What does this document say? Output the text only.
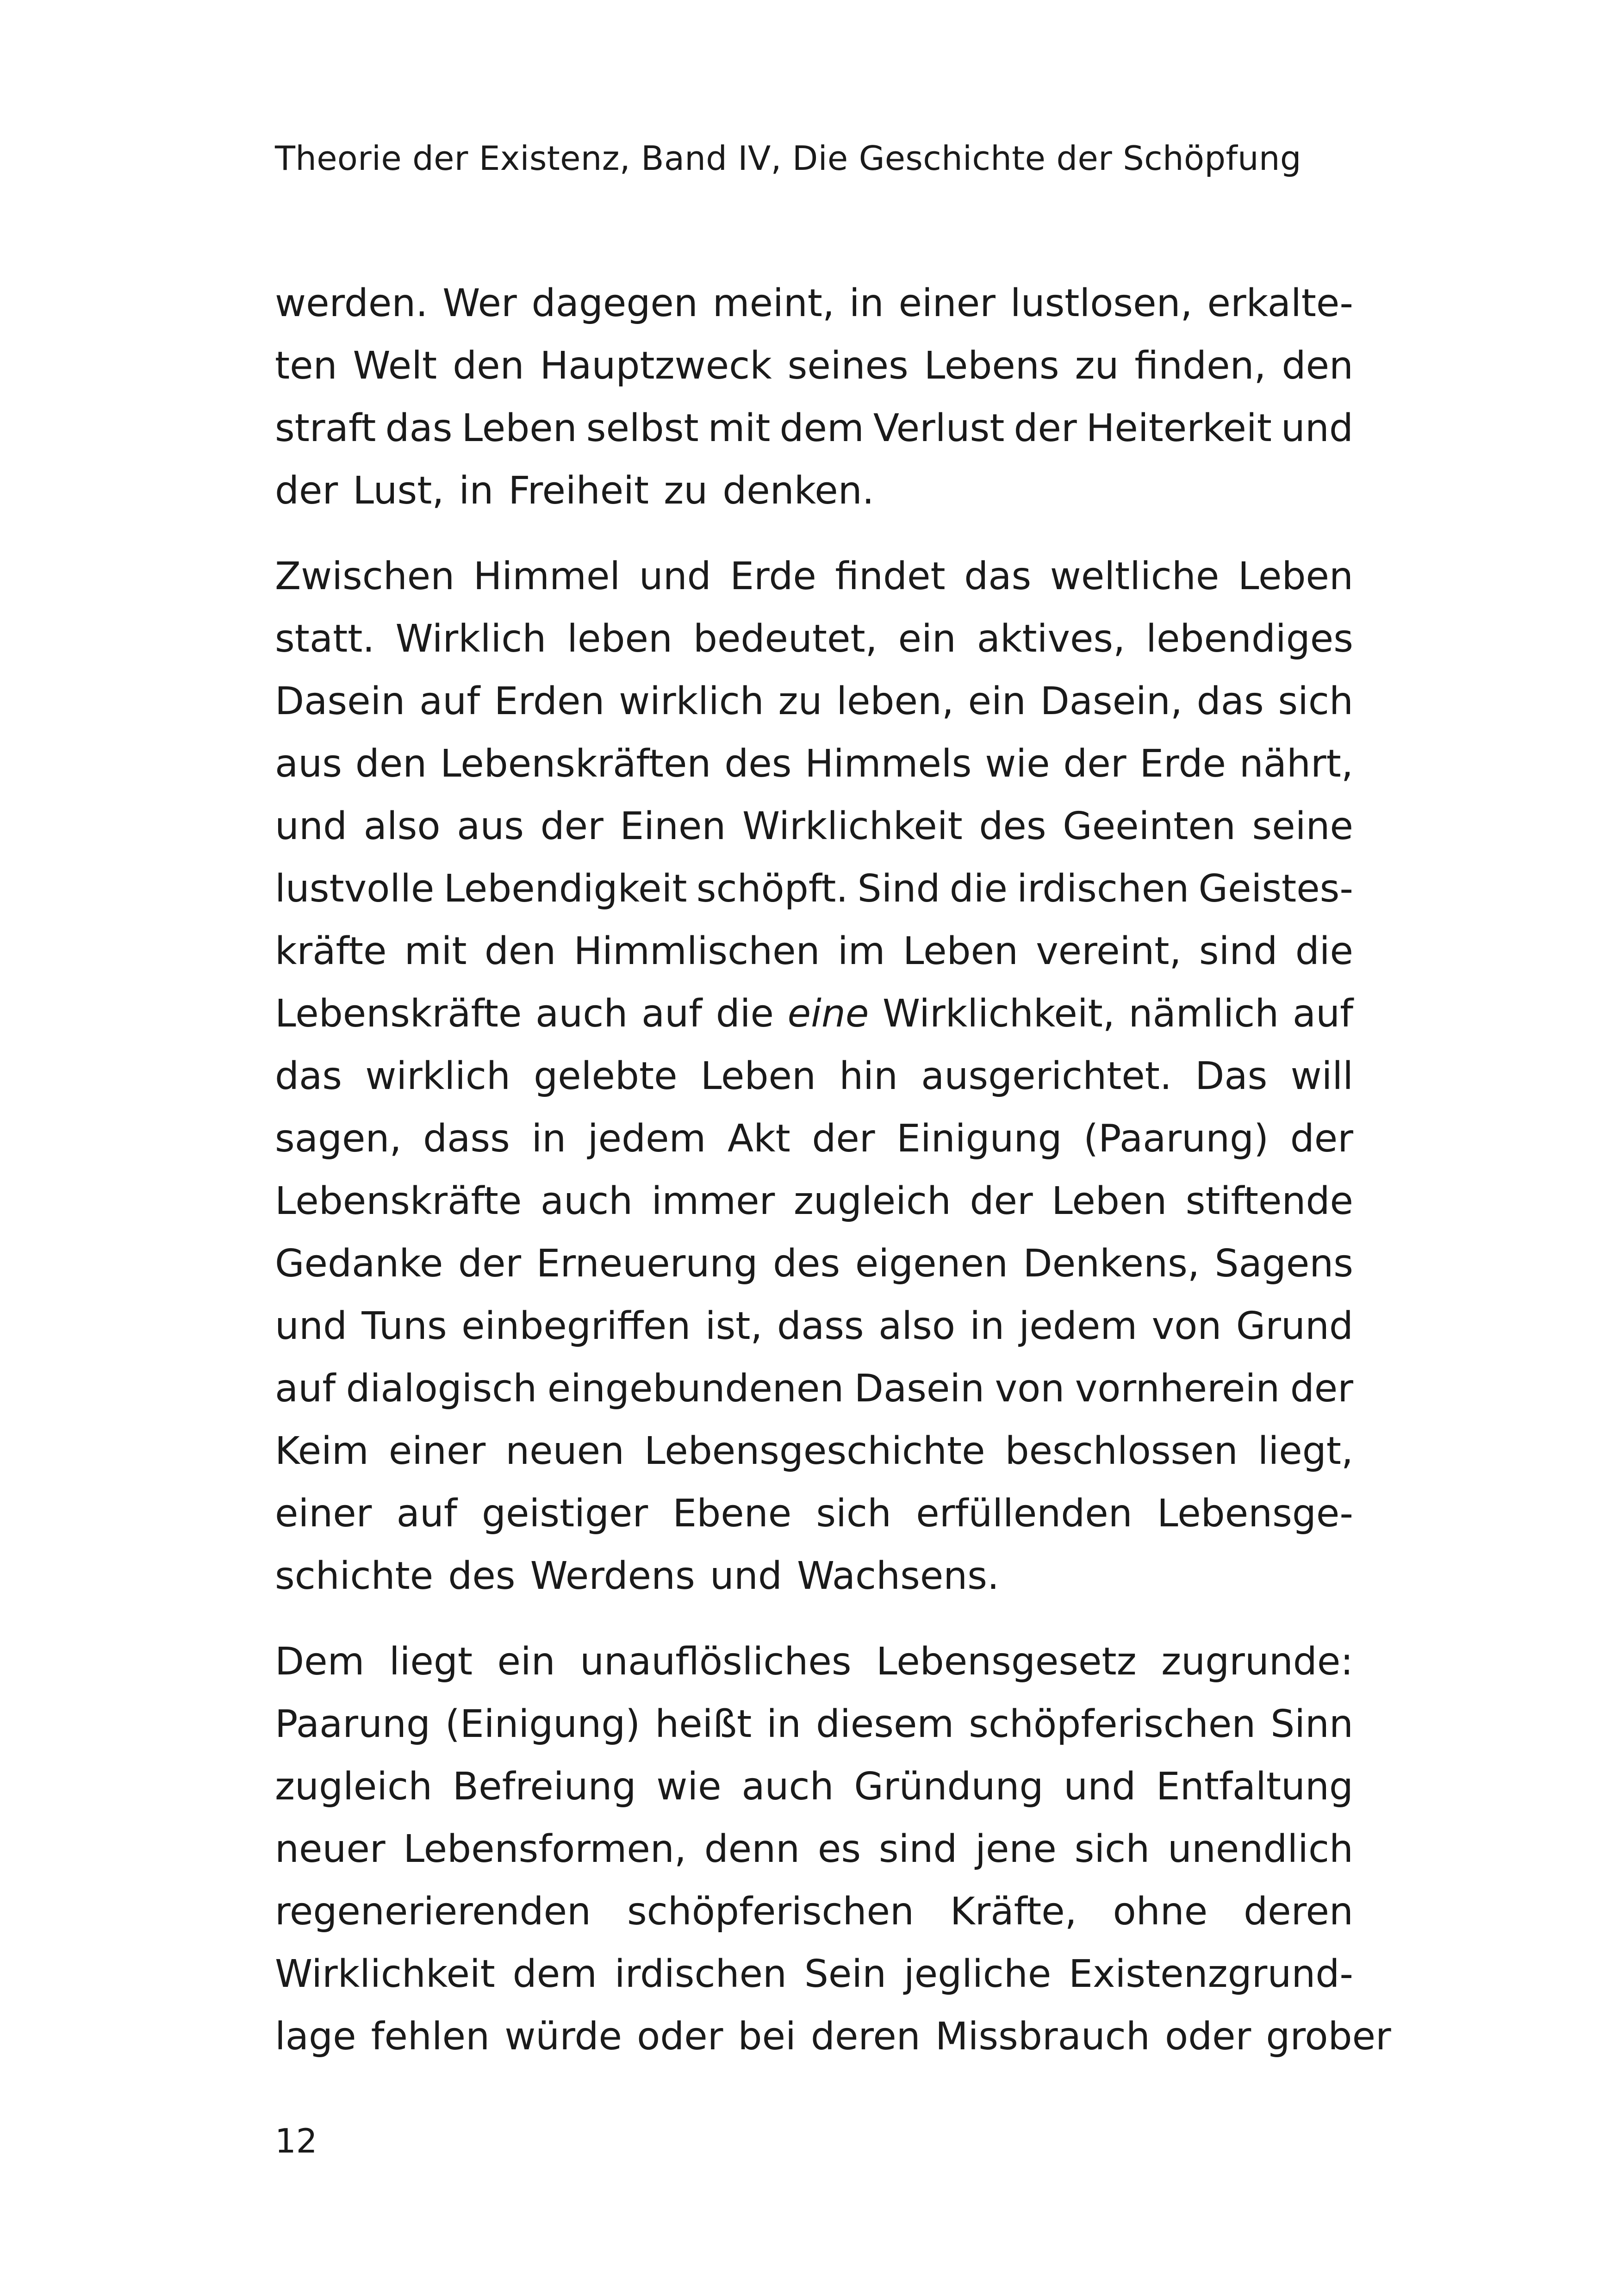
Theorie der Existenz, Band IV, Die Geschichte der Schöpfung
werden. Wer dagegen meint, in einer lustlosen, erkalte-
ten Welt den Hauptzweck seines Lebens zu finden, den
straft das Leben selbst mit dem Verlust der Heiterkeit und
der
Lust,
in
Freiheit
zu
denken.
Zwischen Himmel und Erde findet das weltliche Leben
statt. Wirklich leben bedeutet, ein aktives, lebendiges
Dasein auf Erden wirklich zu leben, ein Dasein, das sich
aus den Lebenskräften des Himmels wie der Erde nährt,
und also aus der Einen Wirklichkeit des Geeinten seine
lustvolle Lebendigkeit schöpft. Sind die irdischen Geistes-
kräfte mit den Himmlischen im Leben vereint, sind die
Lebenskräfte auch auf die eine Wirklichkeit, nämlich auf
das wirklich gelebte Leben hin ausgerichtet. Das will
sagen, dass in jedem Akt der Einigung (Paarung) der
Lebenskräfte auch immer zugleich der Leben stiftende
Gedanke der Erneuerung des eigenen Denkens, Sagens
und Tuns einbegriffen ist, dass also in jedem von Grund
auf dialogisch eingebundenen Dasein von vornherein der
Keim einer neuen Lebensgeschichte beschlossen liegt,
einer auf geistiger Ebene sich erfüllenden Lebensge-
schichte
des
Werdens
und
Wachsens.
Dem liegt ein unauflösliches Lebensgesetz zugrunde:
Paarung (Einigung) heißt in diesem schöpferischen Sinn
zugleich Befreiung wie auch Gründung und Entfaltung
neuer Lebensformen, denn es sind jene sich unendlich
regenerierenden schöpferischen Kräfte, ohne deren
Wirklichkeit dem irdischen Sein jegliche Existenzgrund-
lage
fehlen
würde
oder
bei
deren
Missbrauch
oder
grober
12
